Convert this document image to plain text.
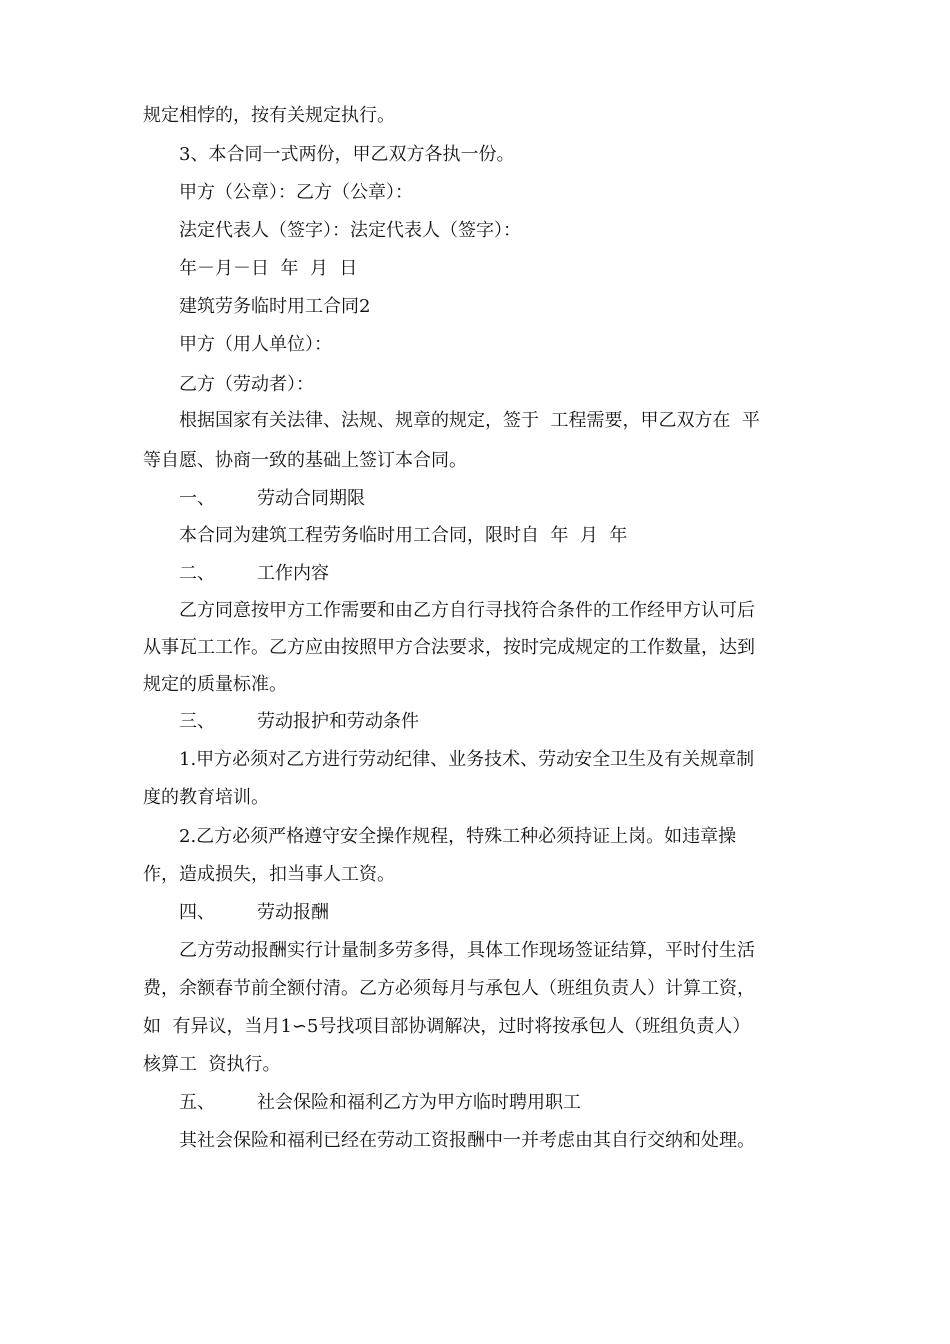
规定相悖的，按有关规定执行。
3、本合同一式两份，甲乙双方各执一份。
甲方（公章）：乙方（公章）：
法定代表人（签字）：法定代表人（签字）：
年－月－日  年  月  日
建筑劳务临时用工合同2
甲方（用人单位）：
乙方（劳动者）：
根据国家有关法律、法规、规章的规定，签于  工程需要，甲乙双方在  平
等自愿、协商一致的基础上签订本合同。
一、 劳动合同期限
本合同为建筑工程劳务临时用工合同，限时自  年  月  年
二、 工作内容
乙方同意按甲方工作需要和由乙方自行寻找符合条件的工作经甲方认可后
从事瓦工工作。乙方应由按照甲方合法要求，按时完成规定的工作数量，达到
规定的质量标准。
三、 劳动报护和劳动条件
1.甲方必须对乙方进行劳动纪律、业务技术、劳动安全卫生及有关规章制
度的教育培训。
2.乙方必须严格遵守安全操作规程，特殊工种必须持证上岗。如违章操
作，造成损失，扣当事人工资。
四、 劳动报酬
乙方劳动报酬实行计量制多劳多得，具体工作现场签证结算，平时付生活
费，余额春节前全额付清。乙方必须每月与承包人（班组负责人）计算工资，
如  有异议，当月1∽5号找项目部协调解决，过时将按承包人（班组负责人）
核算工  资执行。
五、 社会保险和福利乙方为甲方临时聘用职工
其社会保险和福利已经在劳动工资报酬中一并考虑由其自行交纳和处理。
